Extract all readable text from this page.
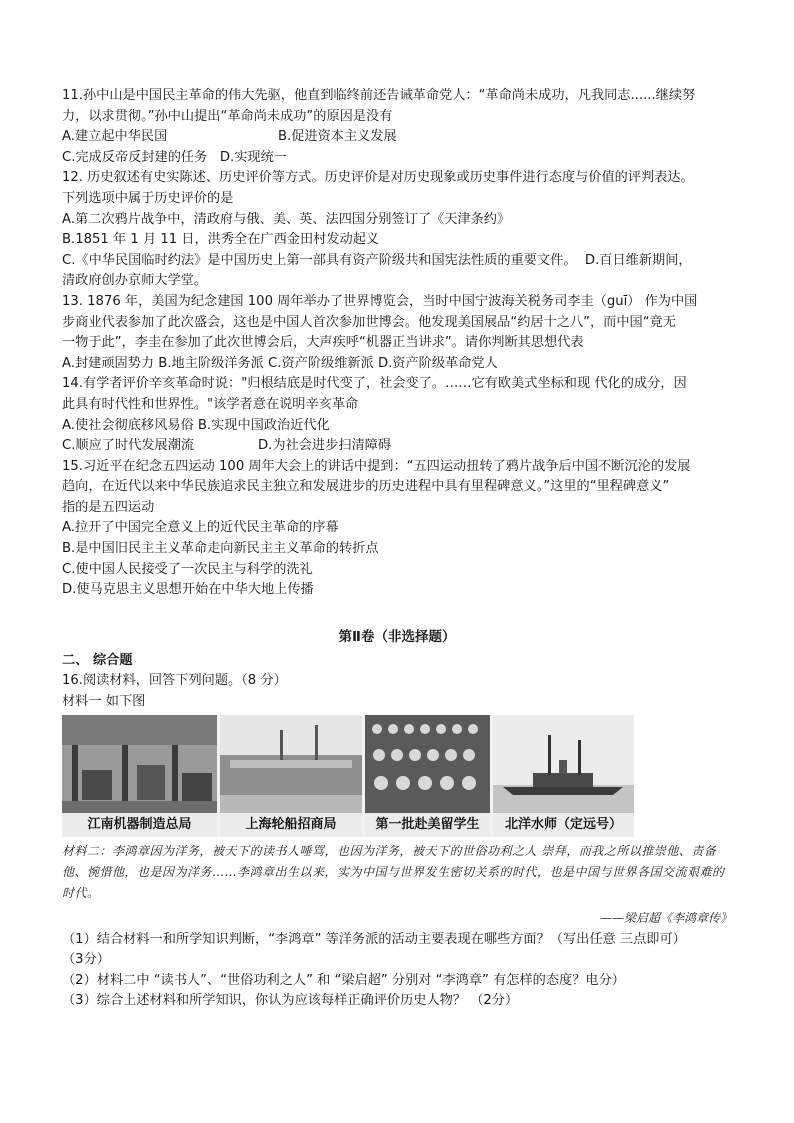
11.孙中山是中国民主革命的伟大先驱，他直到临终前还告诫革命党人：“革命尚未成功，凡我同志......继续努
力，以求贯彻。”孙中山提出“革命尚未成功”的原因是没有
A.建立起中华民国	B.促进资本主义发展
C.完成反帝反封建的任务 D.实现统一
12. 历史叙述有史实陈述、历史评价等方式。历史评价是对历史现象或历史事件进行态度与价值的评判表达。
下列选项中属于历史评价的是
A.第二次鸦片战争中，清政府与俄、美、英、法四国分别签订了《天津条约》
B.1851 年 1 月 11 日，洪秀全在广西金田村发动起义
C.《中华民国临时约法》是中国历史上第一部具有资产阶级共和国宪法性质的重要文件。 D.百日维新期间，
清政府创办京师大学堂。
13. 1876 年，美国为纪念建国 100 周年举办了世界博览会，当时中国宁波海关税务司李圭（guī） 作为中国
步商业代表参加了此次盛会，这也是中国人首次参加世博会。他发现美国展品“约居十之八”，而中国“竟无
一物于此”，李圭在参加了此次世博会后，大声疾呼“机器正当讲求”。请你判断其思想代表
A.封建顽固势力 B.地主阶级洋务派 C.资产阶级维新派 D.资产阶级革命党人
14.有学者评价辛亥革命时说："归根结底是时代变了，社会变了。……它有欧美式坐标和现 代化的成分，因
此具有时代性和世界性。"该学者意在说明辛亥革命
A.使社会彻底移风易俗 B.实现中国政治近代化
C.顺应了时代发展潮流	D.为社会进步扫清障碍
15.习近平在纪念五四运动 100 周年大会上的讲话中提到：“五四运动扭转了鸦片战争后中国不断沉沦的发展
趋向，在近代以来中华民族追求民主独立和发展进步的历史进程中具有里程碑意义。”这里的“里程碑意义”
指的是五四运动
A.拉开了中国完全意义上的近代民主革命的序幕
B.是中国旧民主主义革命走向新民主主义革命的转折点
C.使中国人民接受了一次民主与科学的洗礼
D.使马克思主义思想开始在中华大地上传播
第Ⅱ卷（非选择题）
二、 综合题
16.阅读材料，回答下列问题。（8 分）
材料一 如下图
江南机器制造总局	上海轮船招商局	第一批赴美留学生	北洋水师（定远号）
材料二：李鸿章因为洋务，被天下的读书人唾骂，也因为洋务，被天下的世俗功利之人 崇拜，而我之所以推崇他、责备他、惋惜他，也是因为洋务……李鸿章出生以来，实为中国与世界发生密切关系的时代，也是中国与世界各国交流艰难的时代。
——梁启超《李鸿章传》
（1）结合材料一和所学知识判断，“李鸿章” 等洋务派的活动主要表现在哪些方面？（写出任意 三点即可）
（3分）
（2）材料二中 “读书人”、“世俗功利之人” 和 “梁启超” 分别对 “李鸿章” 有怎样的态度？电分）
（3）综合上述材料和所学知识，你认为应该每样正确评价历史人物？ （2分）
